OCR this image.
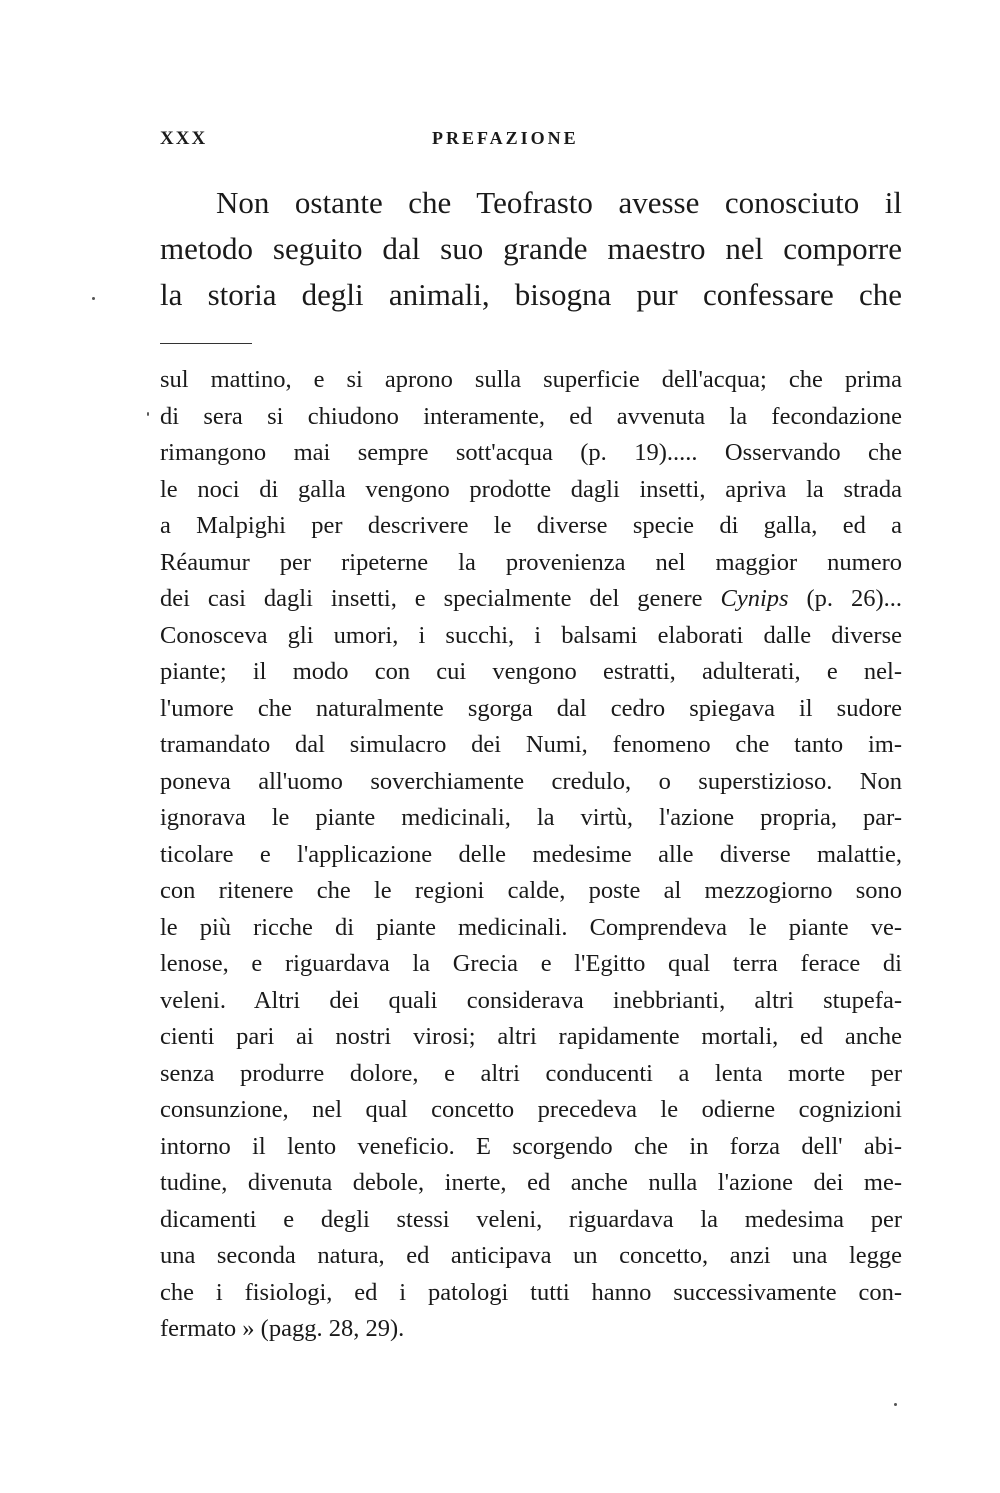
XXX	PREFAZIONE
Non ostante che Teofrasto avesse conosciuto il
metodo seguito dal suo grande maestro nel comporre
la storia degli animali, bisogna pur confessare che
sul mattino, e si aprono sulla superficie dell'acqua; che prima
di sera si chiudono interamente, ed avvenuta la fecondazione
rimangono mai sempre sott'acqua (p. 19)..... Osservando che
le noci di galla vengono prodotte dagli insetti, apriva la strada
a Malpighi per descrivere le diverse specie di galla, ed a
Réaumur per ripeterne la provenienza nel maggior numero
dei casi dagli insetti, e specialmente del genere Cynips (p. 26)...
Conosceva gli umori, i succhi, i balsami elaborati dalle diverse
piante; il modo con cui vengono estratti, adulterati, e nel-
l'umore che naturalmente sgorga dal cedro spiegava il sudore
tramandato dal simulacro dei Numi, fenomeno che tanto im-
poneva all'uomo soverchiamente credulo, o superstizioso. Non
ignorava le piante medicinali, la virtù, l'azione propria, par-
ticolare e l'applicazione delle medesime alle diverse malattie,
con ritenere che le regioni calde, poste al mezzogiorno sono
le più ricche di piante medicinali. Comprendeva le piante ve-
lenose, e riguardava la Grecia e l'Egitto qual terra ferace di
veleni. Altri dei quali considerava inebbrianti, altri stupefa-
cienti pari ai nostri virosi; altri rapidamente mortali, ed anche
senza produrre dolore, e altri conducenti a lenta morte per
consunzione, nel qual concetto precedeva le odierne cognizioni
intorno il lento veneficio. E scorgendo che in forza dell' abi-
tudine, divenuta debole, inerte, ed anche nulla l'azione dei me-
dicamenti e degli stessi veleni, riguardava la medesima per
una seconda natura, ed anticipava un concetto, anzi una legge
che i fisiologi, ed i patologi tutti hanno successivamente con-
fermato » (pagg. 28, 29).
